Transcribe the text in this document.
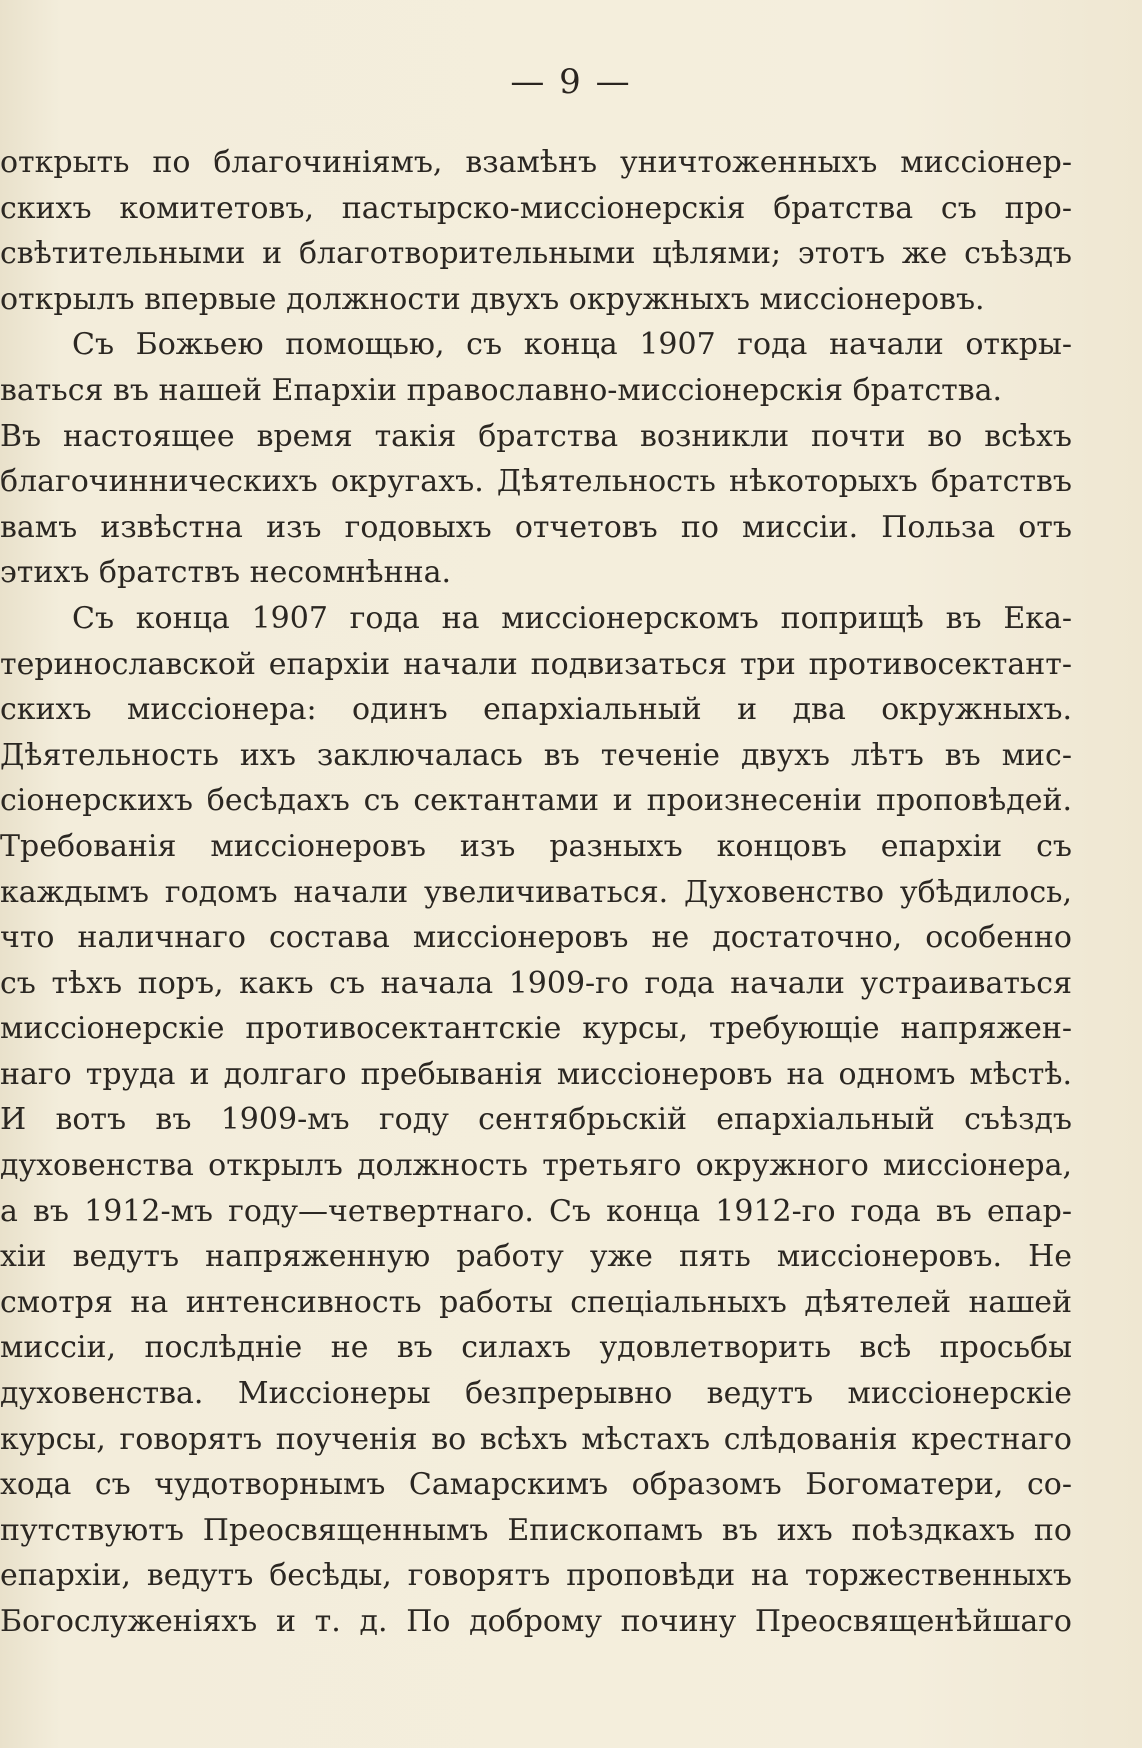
— 9 —
открыть по благочиніямъ, взамѣнъ уничтоженныхъ миссіонер-
скихъ комитетовъ, пастырско-миссіонерскія братства съ про-
свѣтительными и благотворительными цѣлями; этотъ же съѣздъ
открылъ впервые должности двухъ окружныхъ миссіонеровъ.
Съ Божьею помощью, съ конца 1907 года начали откры-
ваться въ нашей Епархіи православно-миссіонерскія братства.
Въ настоящее время такія братства возникли почти во всѣхъ
благочинническихъ округахъ. Дѣятельность нѣкоторыхъ братствъ
вамъ извѣстна изъ годовыхъ отчетовъ по миссіи. Польза отъ
этихъ братствъ несомнѣнна.
Съ конца 1907 года на миссіонерскомъ поприщѣ въ Ека-
теринославской епархіи начали подвизаться три противосектант-
скихъ миссіонера: одинъ епархіальный и два окружныхъ.
Дѣятельность ихъ заключалась въ теченіе двухъ лѣтъ въ мис-
сіонерскихъ бесѣдахъ съ сектантами и произнесеніи проповѣдей.
Требованія миссіонеровъ изъ разныхъ концовъ епархіи съ
каждымъ годомъ начали увеличиваться. Духовенство убѣдилось,
что наличнаго состава миссіонеровъ не достаточно, особенно
съ тѣхъ поръ, какъ съ начала 1909-го года начали устраиваться
миссіонерскіе противосектантскіе курсы, требующіе напряжен-
наго труда и долгаго пребыванія миссіонеровъ на одномъ мѣстѣ.
И вотъ въ 1909-мъ году сентябрьскій епархіальный съѣздъ
духовенства открылъ должность третьяго окружного миссіонера,
а въ 1912-мъ году—четвертнаго. Съ конца 1912-го года въ епар-
хіи ведутъ напряженную работу уже пять миссіонеровъ. Не
смотря на интенсивность работы спеціальныхъ дѣятелей нашей
миссіи, послѣдніе не въ силахъ удовлетворить всѣ просьбы
духовенства. Миссіонеры безпрерывно ведутъ миссіонерскіе
курсы, говорятъ поученія во всѣхъ мѣстахъ слѣдованія крестнаго
хода съ чудотворнымъ Самарскимъ образомъ Богоматери, со-
путствуютъ Преосвященнымъ Епископамъ въ ихъ поѣздкахъ по
епархіи, ведутъ бесѣды, говорятъ проповѣди на торжественныхъ
Богослуженіяхъ и т. д. По доброму почину Преосвященѣйшаго
